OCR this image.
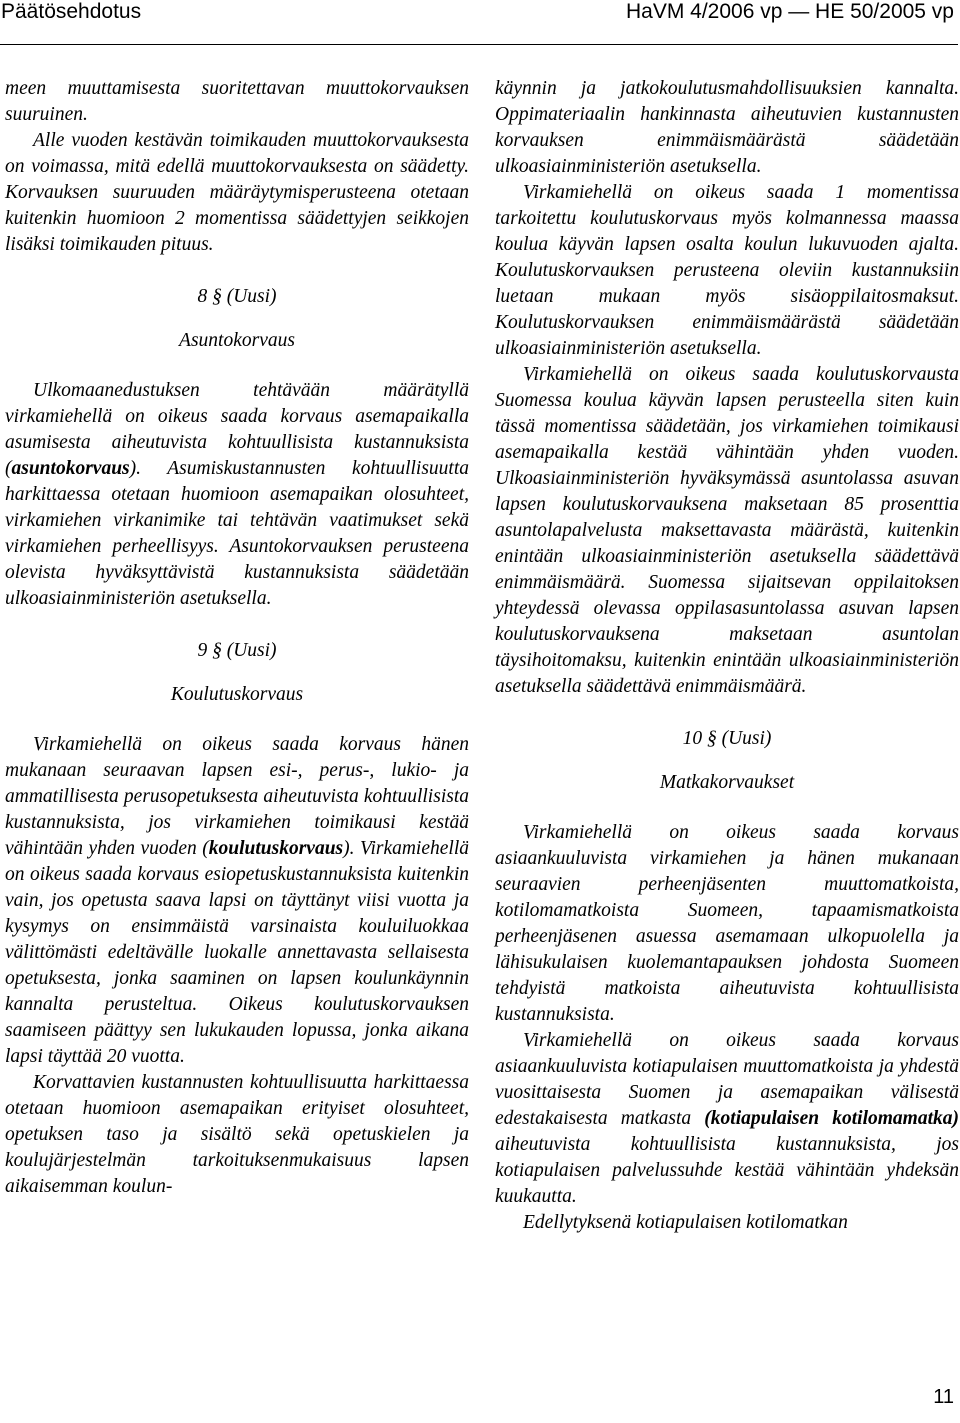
Päätösehdotus	HaVM 4/2006 vp — HE 50/2005 vp

meen muuttamisesta suoritettavan muuttokorvauksen suuruinen.

Alle vuoden kestävän toimikauden muuttokorvauksesta on voimassa, mitä edellä muuttokorvauksesta on säädetty. Korvauksen suuruuden määräytymisperusteena otetaan kuitenkin huomioon 2 momentissa säädettyjen seikkojen lisäksi toimikauden pituus.

8 § (Uusi)

Asuntokorvaus

Ulkomaanedustuksen tehtävään määrätyllä virkamiehellä on oikeus saada korvaus asemapaikalla asumisesta aiheutuvista kohtuullisista kustannuksista (asuntokorvaus). Asumiskustannusten kohtuullisuutta harkittaessa otetaan huomioon asemapaikan olosuhteet, virkamiehen virkanimike tai tehtävän vaatimukset sekä virkamiehen perheellisyys. Asuntokorvauksen perusteena olevista hyväksyttävistä kustannuksista säädetään ulkoasiainministeriön asetuksella.

9 § (Uusi)

Koulutuskorvaus

Virkamiehellä on oikeus saada korvaus hänen mukanaan seuraavan lapsen esi-, perus-, lukio- ja ammatillisesta perusopetuksesta aiheutuvista kohtuullisista kustannuksista, jos virkamiehen toimikausi kestää vähintään yhden vuoden (koulutuskorvaus). Virkamiehellä on oikeus saada korvaus esiopetuskustannuksista kuitenkin vain, jos opetusta saava lapsi on täyttänyt viisi vuotta ja kysymys on ensimmäistä varsinaista kouluiluokkaa välittömästi edeltävälle luokalle annettavasta sellaisesta opetuksesta, jonka saaminen on lapsen koulunkäynnin kannalta perusteltua. Oikeus koulutuskorvauksen saamiseen päättyy sen lukukauden lopussa, jonka aikana lapsi täyttää 20 vuotta.

Korvattavien kustannusten kohtuullisuutta harkittaessa otetaan huomioon asemapaikan erityiset olosuhteet, opetuksen taso ja sisältö sekä opetuskielen ja koulujärjestelmän tarkoituksenmukaisuus lapsen aikaisemman koulun-

käynnin ja jatkokoulutusmahdollisuuksien kannalta. Oppimateriaalin hankinnasta aiheutuvien kustannusten korvauksen enimmäismäärästä säädetään ulkoasiainministeriön asetuksella.

Virkamiehellä on oikeus saada 1 momentissa tarkoitettu koulutuskorvaus myös kolmannessa maassa koulua käyvän lapsen osalta koulun lukuvuoden ajalta. Koulutuskorvauksen perusteena oleviin kustannuksiin luetaan mukaan myös sisäoppilaitosmaksut. Koulutuskorvauksen enimmäismäärästä säädetään ulkoasiainministeriön asetuksella.

Virkamiehellä on oikeus saada koulutuskorvausta Suomessa koulua käyvän lapsen perusteella siten kuin tässä momentissa säädetään, jos virkamiehen toimikausi asemapaikalla kestää vähintään yhden vuoden. Ulkoasiainministeriön hyväksymässä asuntolassa asuvan lapsen koulutuskorvauksena maksetaan 85 prosenttia asuntolapalvelusta maksettavasta määrästä, kuitenkin enintään ulkoasiainministeriön asetuksella säädettävä enimmäismäärä. Suomessa sijaitsevan oppilaitoksen yhteydessä olevassa oppilasasuntolassa asuvan lapsen koulutuskorvauksena maksetaan asuntolan täysihoitomaksu, kuitenkin enintään ulkoasiainministeriön asetuksella säädettävä enimmäismäärä.

10 § (Uusi)

Matkakorvaukset

Virkamiehellä on oikeus saada korvaus asiaankuuluvista virkamiehen ja hänen mukanaan seuraavien perheenjäsenten muuttomatkoista, kotilomamatkoista Suomeen, tapaamismatkoista perheenjäsenen asuessa asemamaan ulkopuolella ja lähisukulaisen kuolemantapauksen johdosta Suomeen tehdyistä matkoista aiheutuvista kohtuullisista kustannuksista.

Virkamiehellä on oikeus saada korvaus asiaankuuluvista kotiapulaisen muuttomatkoista ja yhdestä vuosittaisesta Suomen ja asemapaikan välisestä edestakaisesta matkasta (kotiapulaisen kotilomamatka) aiheutuvista kohtuullisista kustannuksista, jos kotiapulaisen palvelussuhde kestää vähintään yhdeksän kuukautta.

Edellytyksenä kotiapulaisen kotilomatkan

11
